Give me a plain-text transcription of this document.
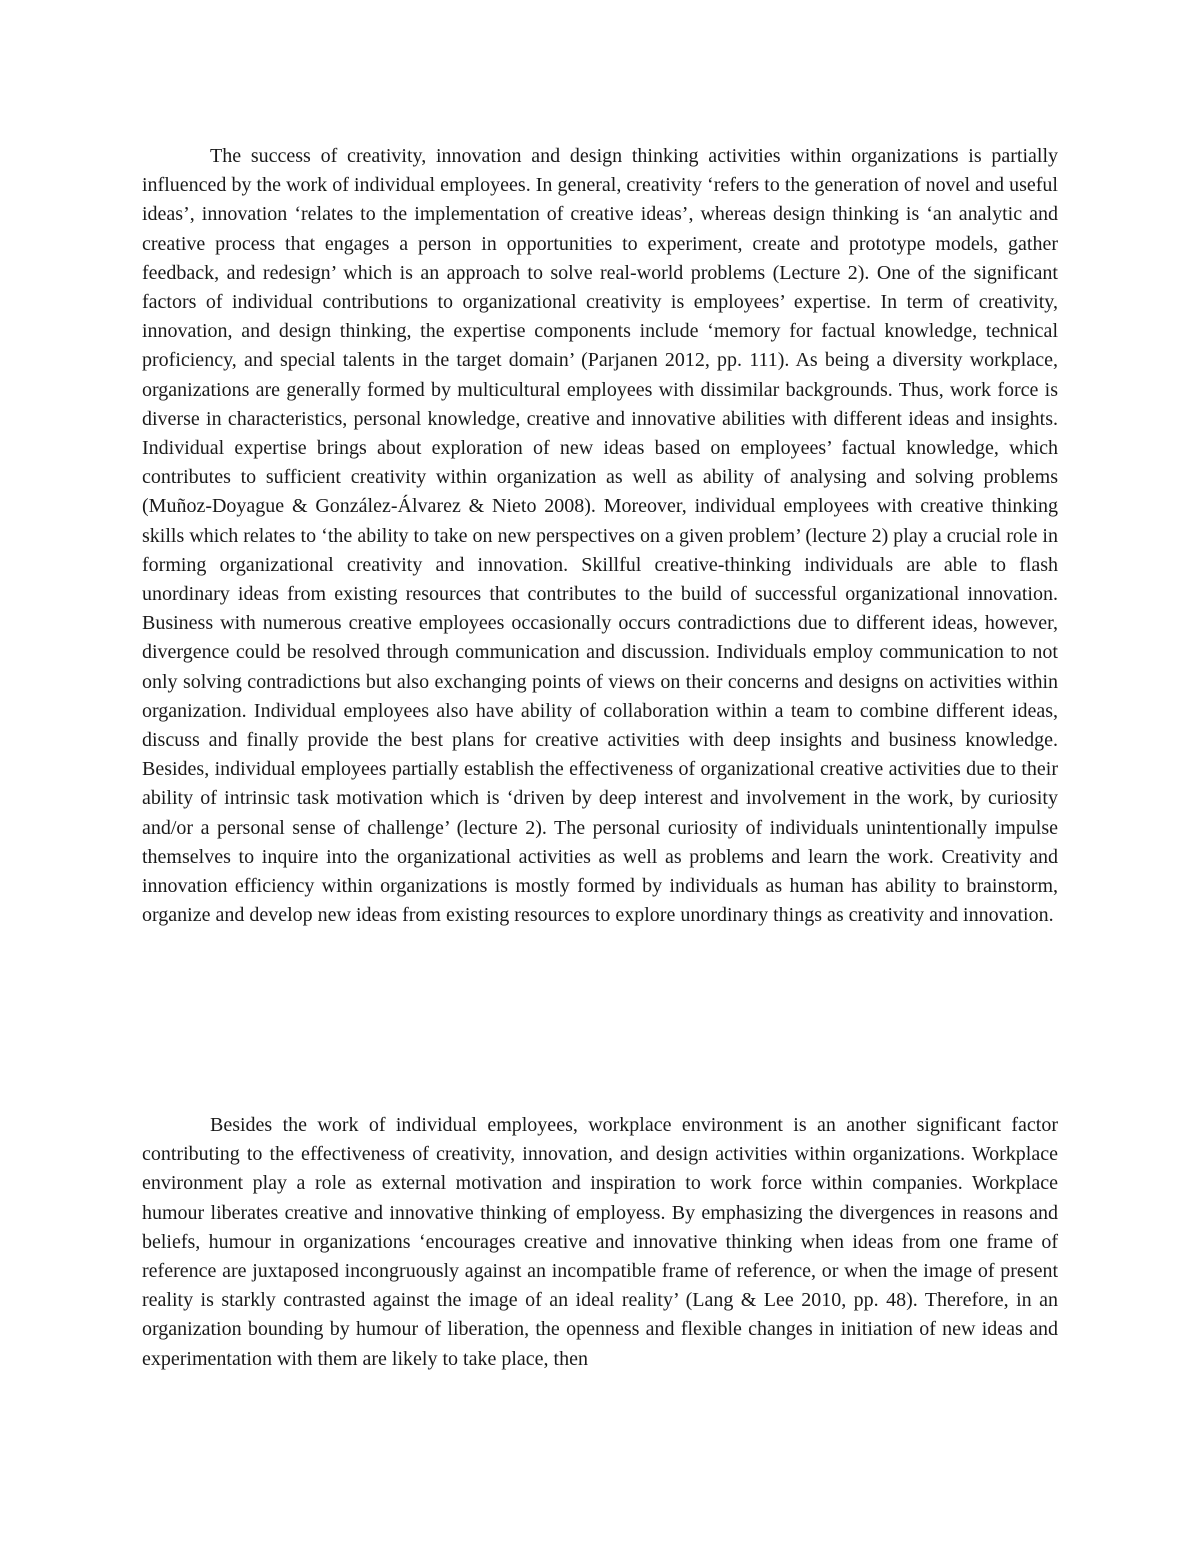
The success of creativity, innovation and design thinking activities within organizations is partially influenced by the work of individual employees. In general, creativity ‘refers to the generation of novel and useful ideas’, innovation ‘relates to the implementation of creative ideas’, whereas design thinking is ‘an analytic and creative process that engages a person in opportunities to experiment, create and prototype models, gather feedback, and redesign’ which is an approach to solve real-world problems (Lecture 2). One of the significant factors of individual contributions to organizational creativity is employees’ expertise. In term of creativity, innovation, and design thinking, the expertise components include ‘memory for factual knowledge, technical proficiency, and special talents in the target domain’ (Parjanen 2012, pp. 111). As being a diversity workplace, organizations are generally formed by multicultural employees with dissimilar backgrounds. Thus, work force is diverse in characteristics, personal knowledge, creative and innovative abilities with different ideas and insights. Individual expertise brings about exploration of new ideas based on employees’ factual knowledge, which contributes to sufficient creativity within organization as well as ability of analysing and solving problems (Muñoz-Doyague & González-Álvarez & Nieto 2008). Moreover, individual employees with creative thinking skills which relates to ‘the ability to take on new perspectives on a given problem’ (lecture 2) play a crucial role in forming organizational creativity and innovation. Skillful creative-thinking individuals are able to flash unordinary ideas from existing resources that contributes to the build of successful organizational innovation. Business with numerous creative employees occasionally occurs contradictions due to different ideas, however, divergence could be resolved through communication and discussion. Individuals employ communication to not only solving contradictions but also exchanging points of views on their concerns and designs on activities within organization. Individual employees also have ability of collaboration within a team to combine different ideas, discuss and finally provide the best plans for creative activities with deep insights and business knowledge. Besides, individual employees partially establish the effectiveness of organizational creative activities due to their ability of intrinsic task motivation which is ‘driven by deep interest and involvement in the work, by curiosity and/or a personal sense of challenge’ (lecture 2). The personal curiosity of individuals unintentionally impulse themselves to inquire into the organizational activities as well as problems and learn the work. Creativity and innovation efficiency within organizations is mostly formed by individuals as human has ability to brainstorm, organize and develop new ideas from existing resources to explore unordinary things as creativity and innovation.

Besides the work of individual employees, workplace environment is an another significant factor contributing to the effectiveness of creativity, innovation, and design activities within organizations. Workplace environment play a role as external motivation and inspiration to work force within companies. Workplace humour liberates creative and innovative thinking of employess. By emphasizing the divergences in reasons and beliefs, humour in organizations ‘encourages creative and innovative thinking when ideas from one frame of reference are juxtaposed incongruously against an incompatible frame of reference, or when the image of present reality is starkly contrasted against the image of an ideal reality’ (Lang & Lee 2010, pp. 48). Therefore, in an organization bounding by humour of liberation, the openness and flexible changes in initiation of new ideas and experimentation with them are likely to take place, then
